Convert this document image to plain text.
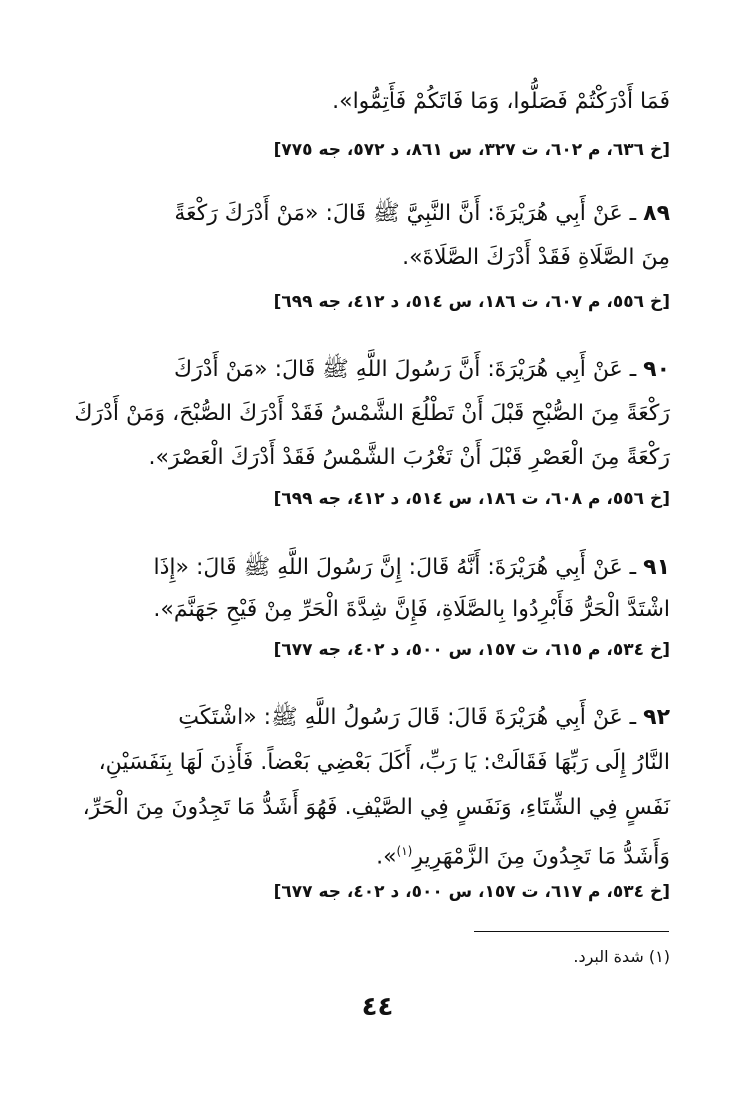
فَمَا أَدْرَكْتُمْ فَصَلُّوا، وَمَا فَاتَكُمْ فَأَتِمُّوا».
[خ ٦٣٦، م ٦٠٢، ت ٣٢٧، س ٨٦١، د ٥٧٢، جه ٧٧٥]
٨٩ ـ عَنْ أَبِي هُرَيْرَةَ: أَنَّ النَّبِيَّ ﷺ قَالَ: «مَنْ أَدْرَكَ رَكْعَةً
مِنَ الصَّلَاةِ فَقَدْ أَدْرَكَ الصَّلَاةَ».
[خ ٥٥٦، م ٦٠٧، ت ١٨٦، س ٥١٤، د ٤١٢، جه ٦٩٩]
٩٠ ـ عَنْ أَبِي هُرَيْرَةَ: أَنَّ رَسُولَ اللَّهِ ﷺ قَالَ: «مَنْ أَدْرَكَ
رَكْعَةً مِنَ الصُّبْحِ قَبْلَ أَنْ تَطْلُعَ الشَّمْسُ فَقَدْ أَدْرَكَ الصُّبْحَ، وَمَنْ أَدْرَكَ
رَكْعَةً مِنَ الْعَصْرِ قَبْلَ أَنْ تَغْرُبَ الشَّمْسُ فَقَدْ أَدْرَكَ الْعَصْرَ».
[خ ٥٥٦، م ٦٠٨، ت ١٨٦، س ٥١٤، د ٤١٢، جه ٦٩٩]
٩١ ـ عَنْ أَبِي هُرَيْرَةَ: أَنَّهُ قَالَ: إِنَّ رَسُولَ اللَّهِ ﷺ قَالَ: «إِذَا
اشْتَدَّ الْحَرُّ فَأَبْرِدُوا بِالصَّلَاةِ، فَإِنَّ شِدَّةَ الْحَرِّ مِنْ فَيْحِ جَهَنَّمَ».
[خ ٥٣٤، م ٦١٥، ت ١٥٧، س ٥٠٠، د ٤٠٢، جه ٦٧٧]
٩٢ ـ عَنْ أَبِي هُرَيْرَةَ قَالَ: قَالَ رَسُولُ اللَّهِ ﷺ: «اشْتَكَتِ
النَّارُ إِلَى رَبِّهَا فَقَالَتْ: يَا رَبِّ، أَكَلَ بَعْضِي بَعْضاً. فَأَذِنَ لَهَا بِنَفَسَيْنِ،
نَفَسٍ فِي الشِّتَاءِ، وَنَفَسٍ فِي الصَّيْفِ. فَهُوَ أَشَدُّ مَا تَجِدُونَ مِنَ الْحَرِّ،
وَأَشَدُّ مَا تَجِدُونَ مِنَ الزَّمْهَرِيرِ$^{(١)}$».
[خ ٥٣٤، م ٦١٧، ت ١٥٧، س ٥٠٠، د ٤٠٢، جه ٦٧٧]
(١) شدة البرد.
٤٤
